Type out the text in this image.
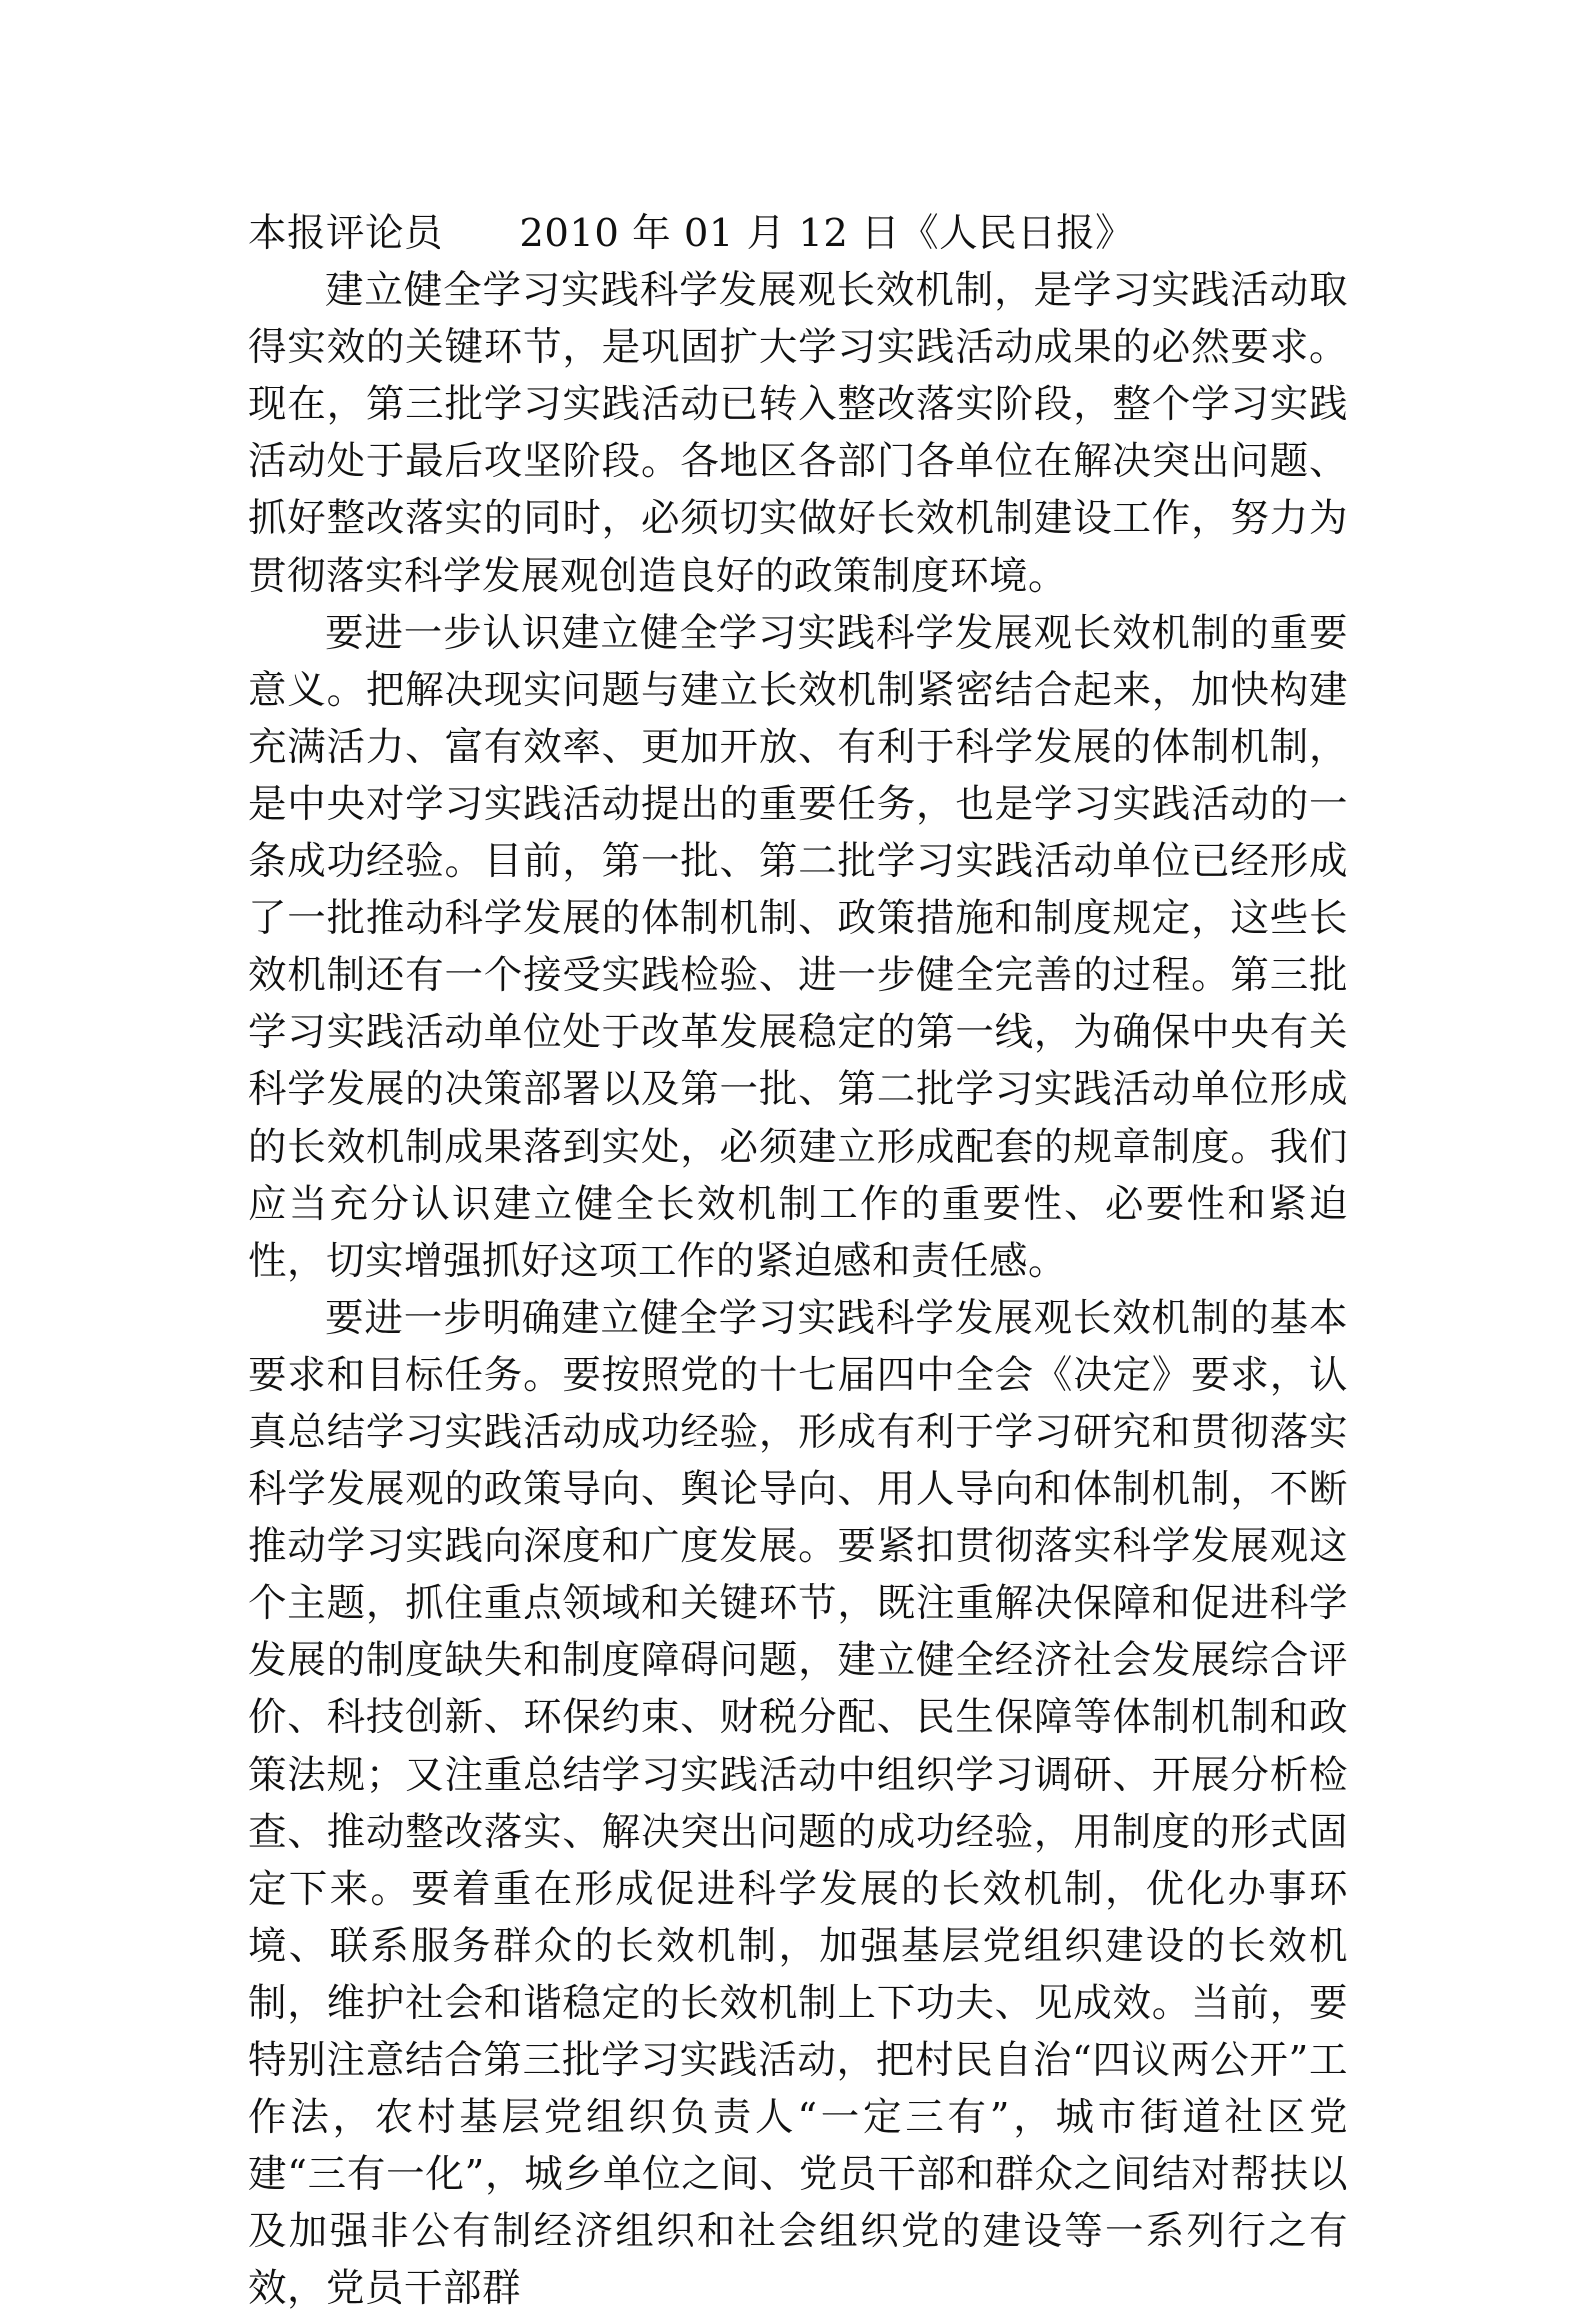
本报评论员      2010 年 01 月 12 日《人民日报》

建立健全学习实践科学发展观长效机制，是学习实践活动取得实效的关键环节，是巩固扩大学习实践活动成果的必然要求。现在，第三批学习实践活动已转入整改落实阶段，整个学习实践活动处于最后攻坚阶段。各地区各部门各单位在解决突出问题、抓好整改落实的同时，必须切实做好长效机制建设工作，努力为贯彻落实科学发展观创造良好的政策制度环境。

要进一步认识建立健全学习实践科学发展观长效机制的重要意义。把解决现实问题与建立长效机制紧密结合起来，加快构建充满活力、富有效率、更加开放、有利于科学发展的体制机制，是中央对学习实践活动提出的重要任务，也是学习实践活动的一条成功经验。目前，第一批、第二批学习实践活动单位已经形成了一批推动科学发展的体制机制、政策措施和制度规定，这些长效机制还有一个接受实践检验、进一步健全完善的过程。第三批学习实践活动单位处于改革发展稳定的第一线，为确保中央有关科学发展的决策部署以及第一批、第二批学习实践活动单位形成的长效机制成果落到实处，必须建立形成配套的规章制度。我们应当充分认识建立健全长效机制工作的重要性、必要性和紧迫性，切实增强抓好这项工作的紧迫感和责任感。

要进一步明确建立健全学习实践科学发展观长效机制的基本要求和目标任务。要按照党的十七届四中全会《决定》要求，认真总结学习实践活动成功经验，形成有利于学习研究和贯彻落实科学发展观的政策导向、舆论导向、用人导向和体制机制，不断推动学习实践向深度和广度发展。要紧扣贯彻落实科学发展观这个主题，抓住重点领域和关键环节，既注重解决保障和促进科学发展的制度缺失和制度障碍问题，建立健全经济社会发展综合评价、科技创新、环保约束、财税分配、民生保障等体制机制和政策法规；又注重总结学习实践活动中组织学习调研、开展分析检查、推动整改落实、解决突出问题的成功经验，用制度的形式固定下来。要着重在形成促进科学发展的长效机制，优化办事环境、联系服务群众的长效机制，加强基层党组织建设的长效机制，维护社会和谐稳定的长效机制上下功夫、见成效。当前，要特别注意结合第三批学习实践活动，把村民自治“四议两公开”工作法，农村基层党组织负责人“一定三有”，城市街道社区党建“三有一化”，城乡单位之间、党员干部和群众之间结对帮扶以及加强非公有制经济组织和社会组织党的建设等一系列行之有效，党员干部群
